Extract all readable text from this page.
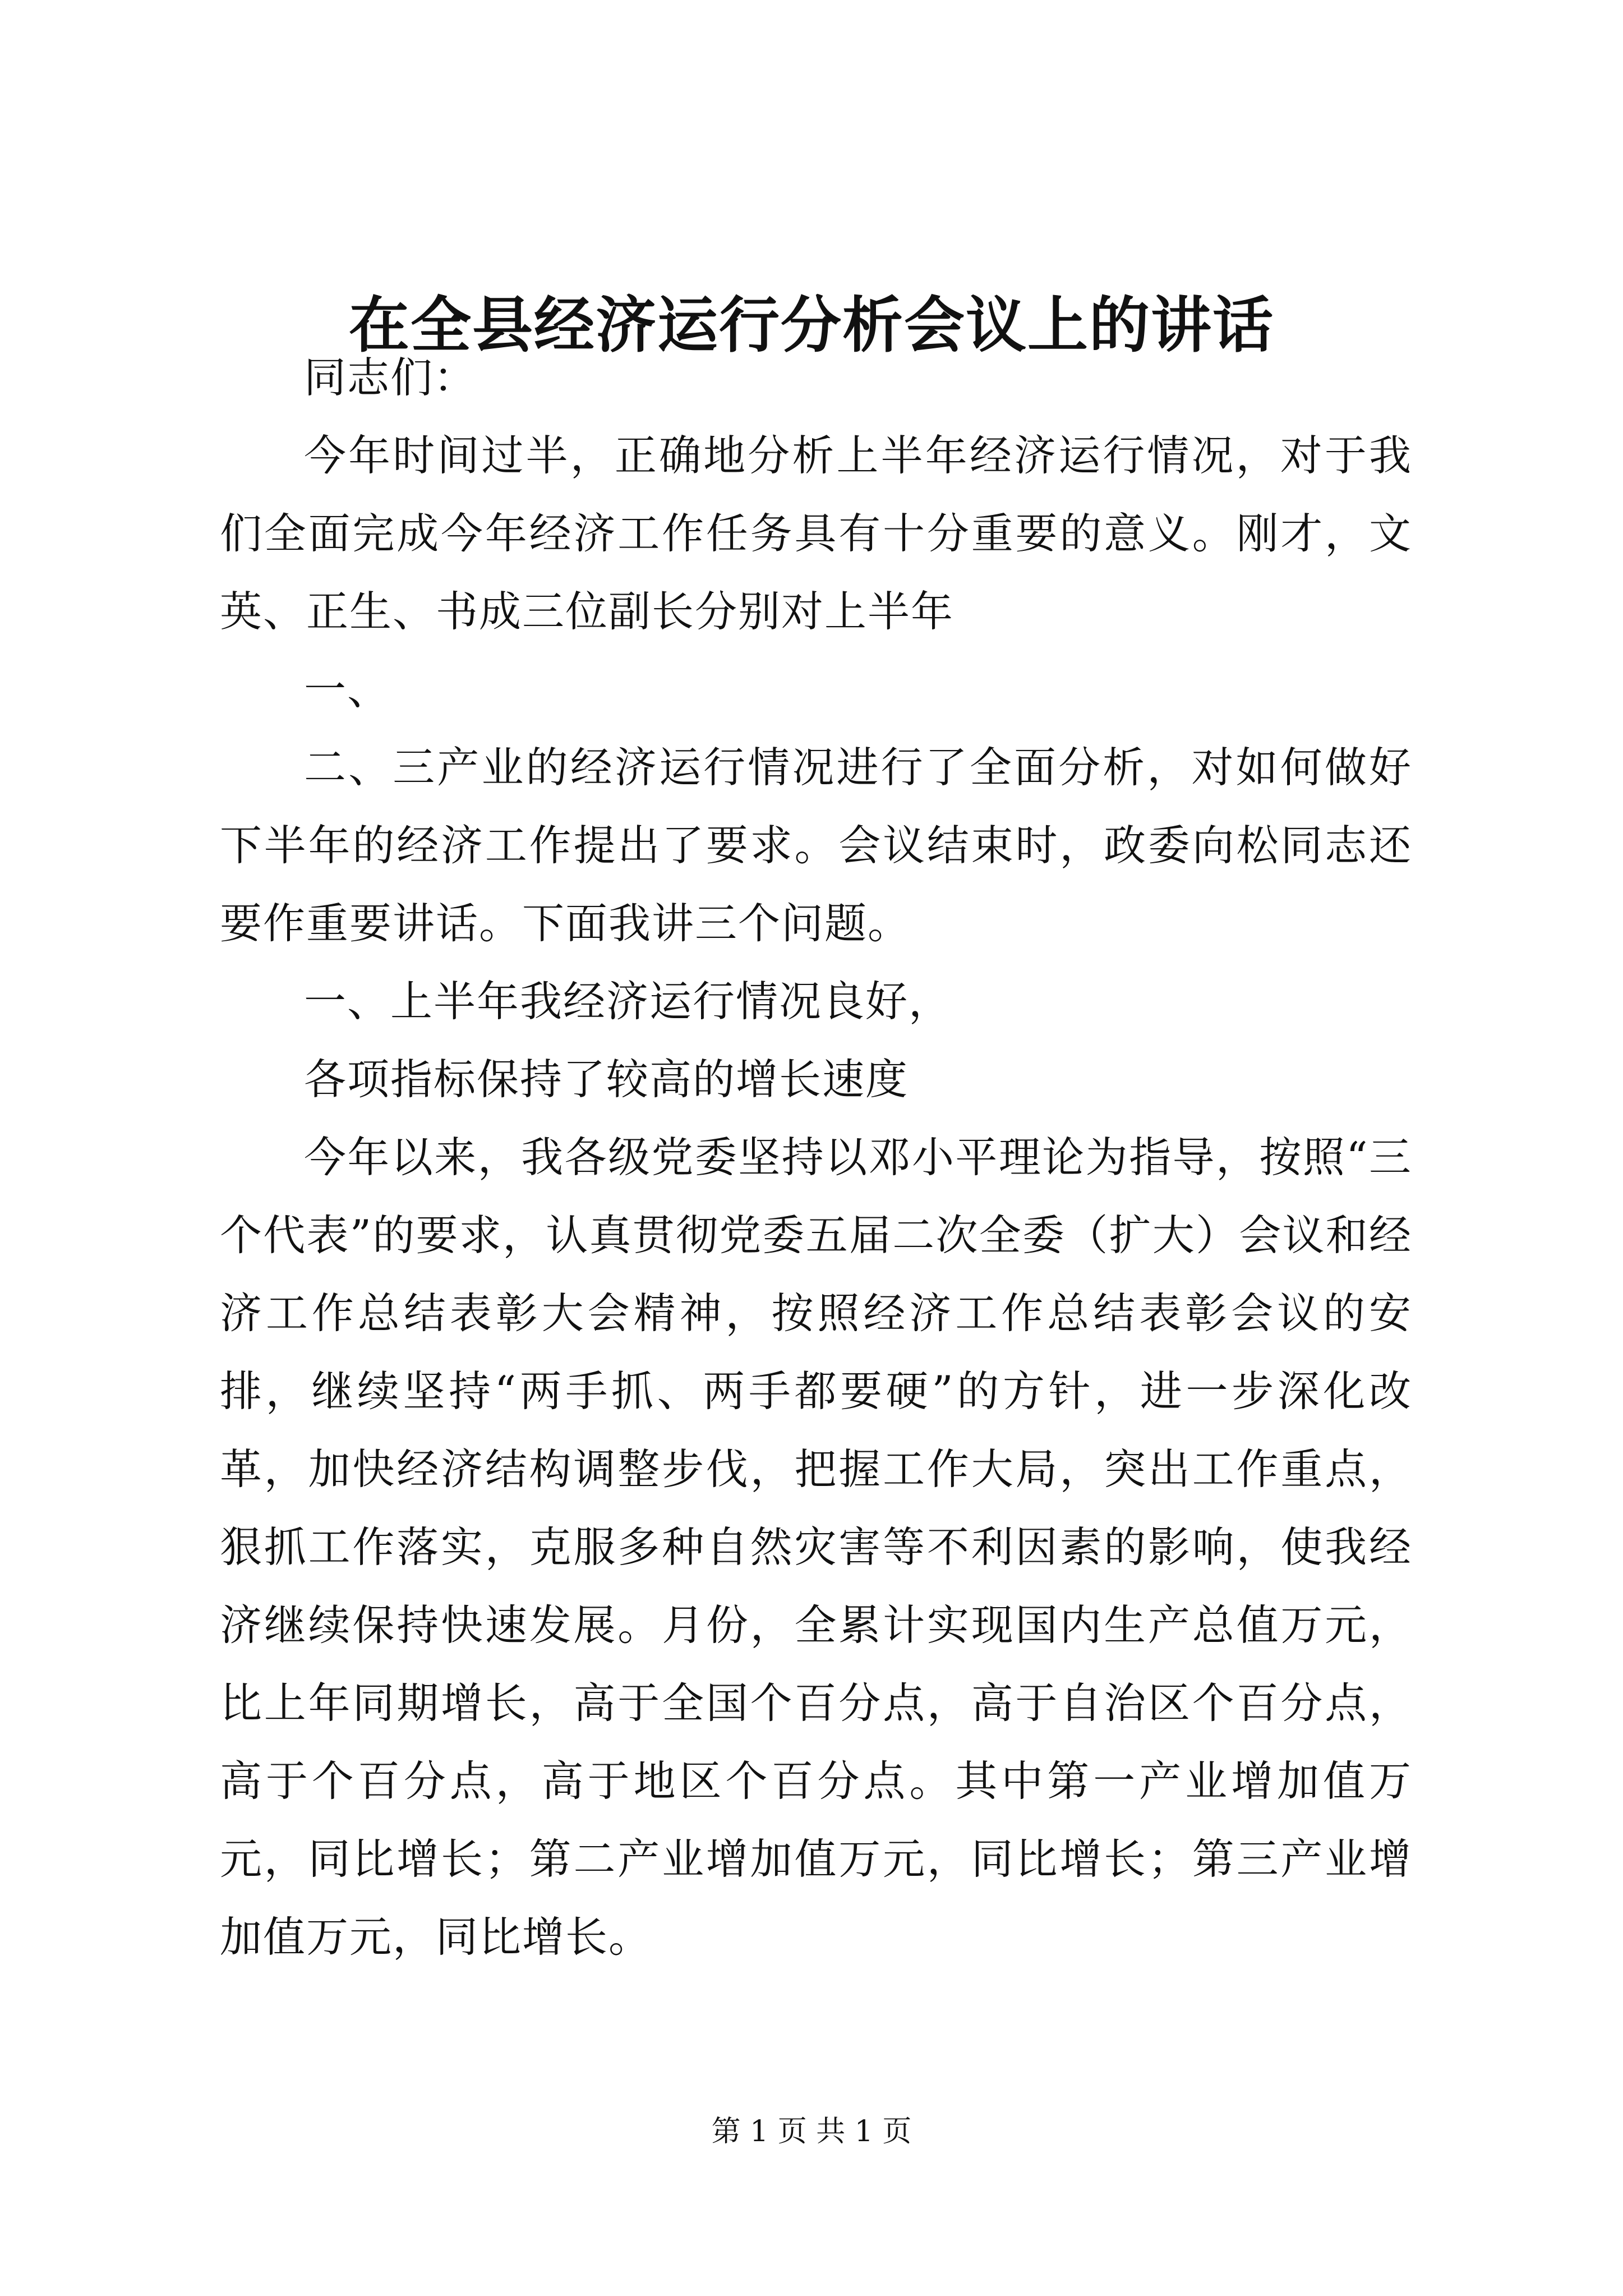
在全县经济运行分析会议上的讲话

同志们：

今年时间过半，正确地分析上半年经济运行情况，对于我们全面完成今年经济工作任务具有十分重要的意义。刚才，文英、正生、书成三位副长分别对上半年

一、

二、三产业的经济运行情况进行了全面分析，对如何做好下半年的经济工作提出了要求。会议结束时，政委向松同志还要作重要讲话。下面我讲三个问题。

一、上半年我经济运行情况良好，

各项指标保持了较高的增长速度

今年以来，我各级党委坚持以邓小平理论为指导，按照“三个代表”的要求，认真贯彻党委五届二次全委（扩大）会议和经济工作总结表彰大会精神，按照经济工作总结表彰会议的安排，继续坚持“两手抓、两手都要硬”的方针，进一步深化改革，加快经济结构调整步伐，把握工作大局，突出工作重点，狠抓工作落实，克服多种自然灾害等不利因素的影响，使我经济继续保持快速发展。月份，全累计实现国内生产总值万元，比上年同期增长，高于全国个百分点，高于自治区个百分点，高于个百分点，高于地区个百分点。其中第一产业增加值万元，同比增长；第二产业增加值万元，同比增长；第三产业增加值万元，同比增长。

第 1 页 共 1 页
